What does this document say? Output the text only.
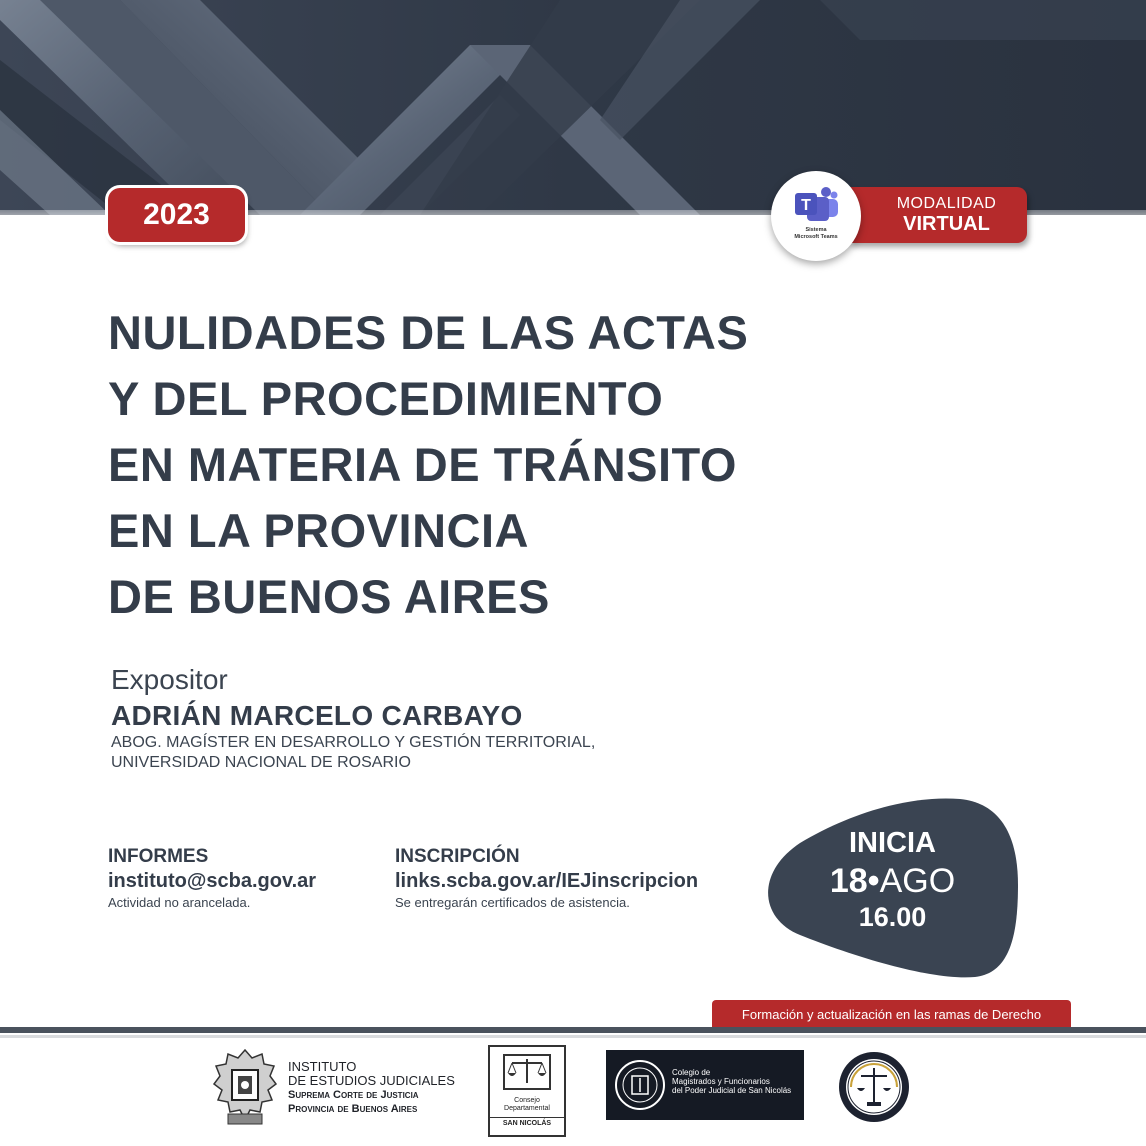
2023	MODALIDAD
VIRTUAL
T
Sistema
Microsoft Teams
NULIDADES DE LAS ACTAS
Y DEL PROCEDIMIENTO
EN MATERIA DE TRÁNSITO
EN LA PROVINCIA
DE BUENOS AIRES
Expositor
ADRIÁN MARCELO CARBAYO
ABOG. MAGÍSTER EN DESARROLLO Y GESTIÓN TERRITORIAL,
UNIVERSIDAD NACIONAL DE ROSARIO
INFORMES
instituto@scba.gov.ar
Actividad no arancelada.
INSCRIPCIÓN
links.scba.gov.ar/IEJinscripcion
Se entregarán certificados de asistencia.
INICIA
18•AGO
16.00
Formación y actualización en las ramas de Derecho
INSTITUTO
DE ESTUDIOS JUDICIALES
Suprema Corte de Justicia
Provincia de Buenos Aires
Consejo
Departamental
SAN NICOLÁS
Colegio de
Magistrados y Funcionarios
del Poder Judicial de San Nicolás
